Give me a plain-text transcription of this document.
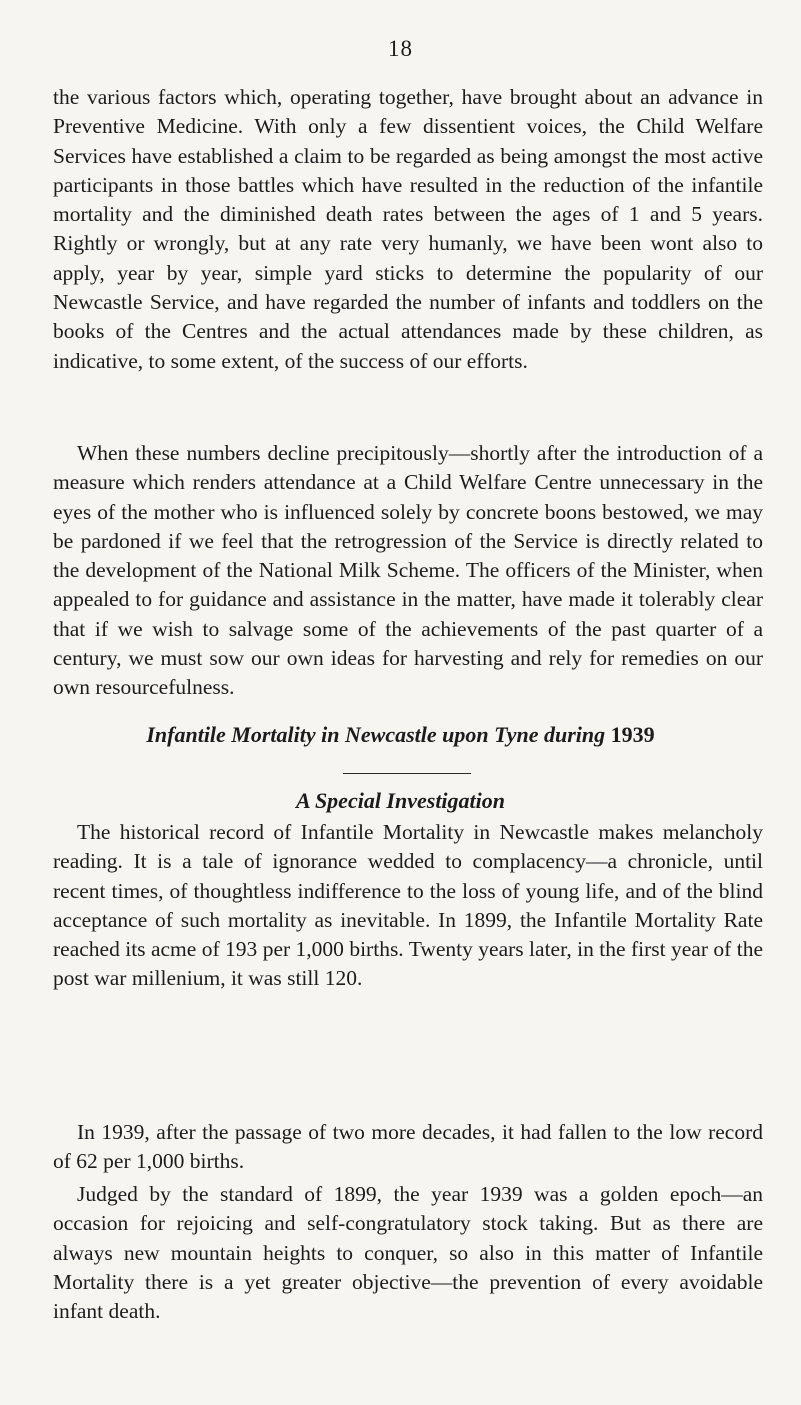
18

the various factors which, operating together, have brought about an advance in Preventive Medicine. With only a few dissentient voices, the Child Welfare Services have established a claim to be regarded as being amongst the most active participants in those battles which have resulted in the reduction of the infantile mortality and the diminished death rates between the ages of 1 and 5 years. Rightly or wrongly, but at any rate very humanly, we have been wont also to apply, year by year, simple yard sticks to determine the popularity of our Newcastle Service, and have regarded the number of infants and toddlers on the books of the Centres and the actual attendances made by these children, as indicative, to some extent, of the success of our efforts.

When these numbers decline precipitously—shortly after the introduction of a measure which renders attendance at a Child Welfare Centre unnecessary in the eyes of the mother who is influenced solely by concrete boons bestowed, we may be pardoned if we feel that the retrogression of the Service is directly related to the development of the National Milk Scheme. The officers of the Minister, when appealed to for guidance and assistance in the matter, have made it tolerably clear that if we wish to salvage some of the achievements of the past quarter of a century, we must sow our own ideas for harvesting and rely for remedies on our own resourcefulness.

Infantile Mortality in Newcastle upon Tyne during 1939
A Special Investigation

The historical record of Infantile Mortality in Newcastle makes melancholy reading. It is a tale of ignorance wedded to complacency—a chronicle, until recent times, of thoughtless indifference to the loss of young life, and of the blind acceptance of such mortality as inevitable. In 1899, the Infantile Mortality Rate reached its acme of 193 per 1,000 births. Twenty years later, in the first year of the post war millenium, it was still 120.

In 1939, after the passage of two more decades, it had fallen to the low record of 62 per 1,000 births.

Judged by the standard of 1899, the year 1939 was a golden epoch—an occasion for rejoicing and self-congratulatory stock taking. But as there are always new mountain heights to conquer, so also in this matter of Infantile Mortality there is a yet greater objective—the prevention of every avoidable infant death.
